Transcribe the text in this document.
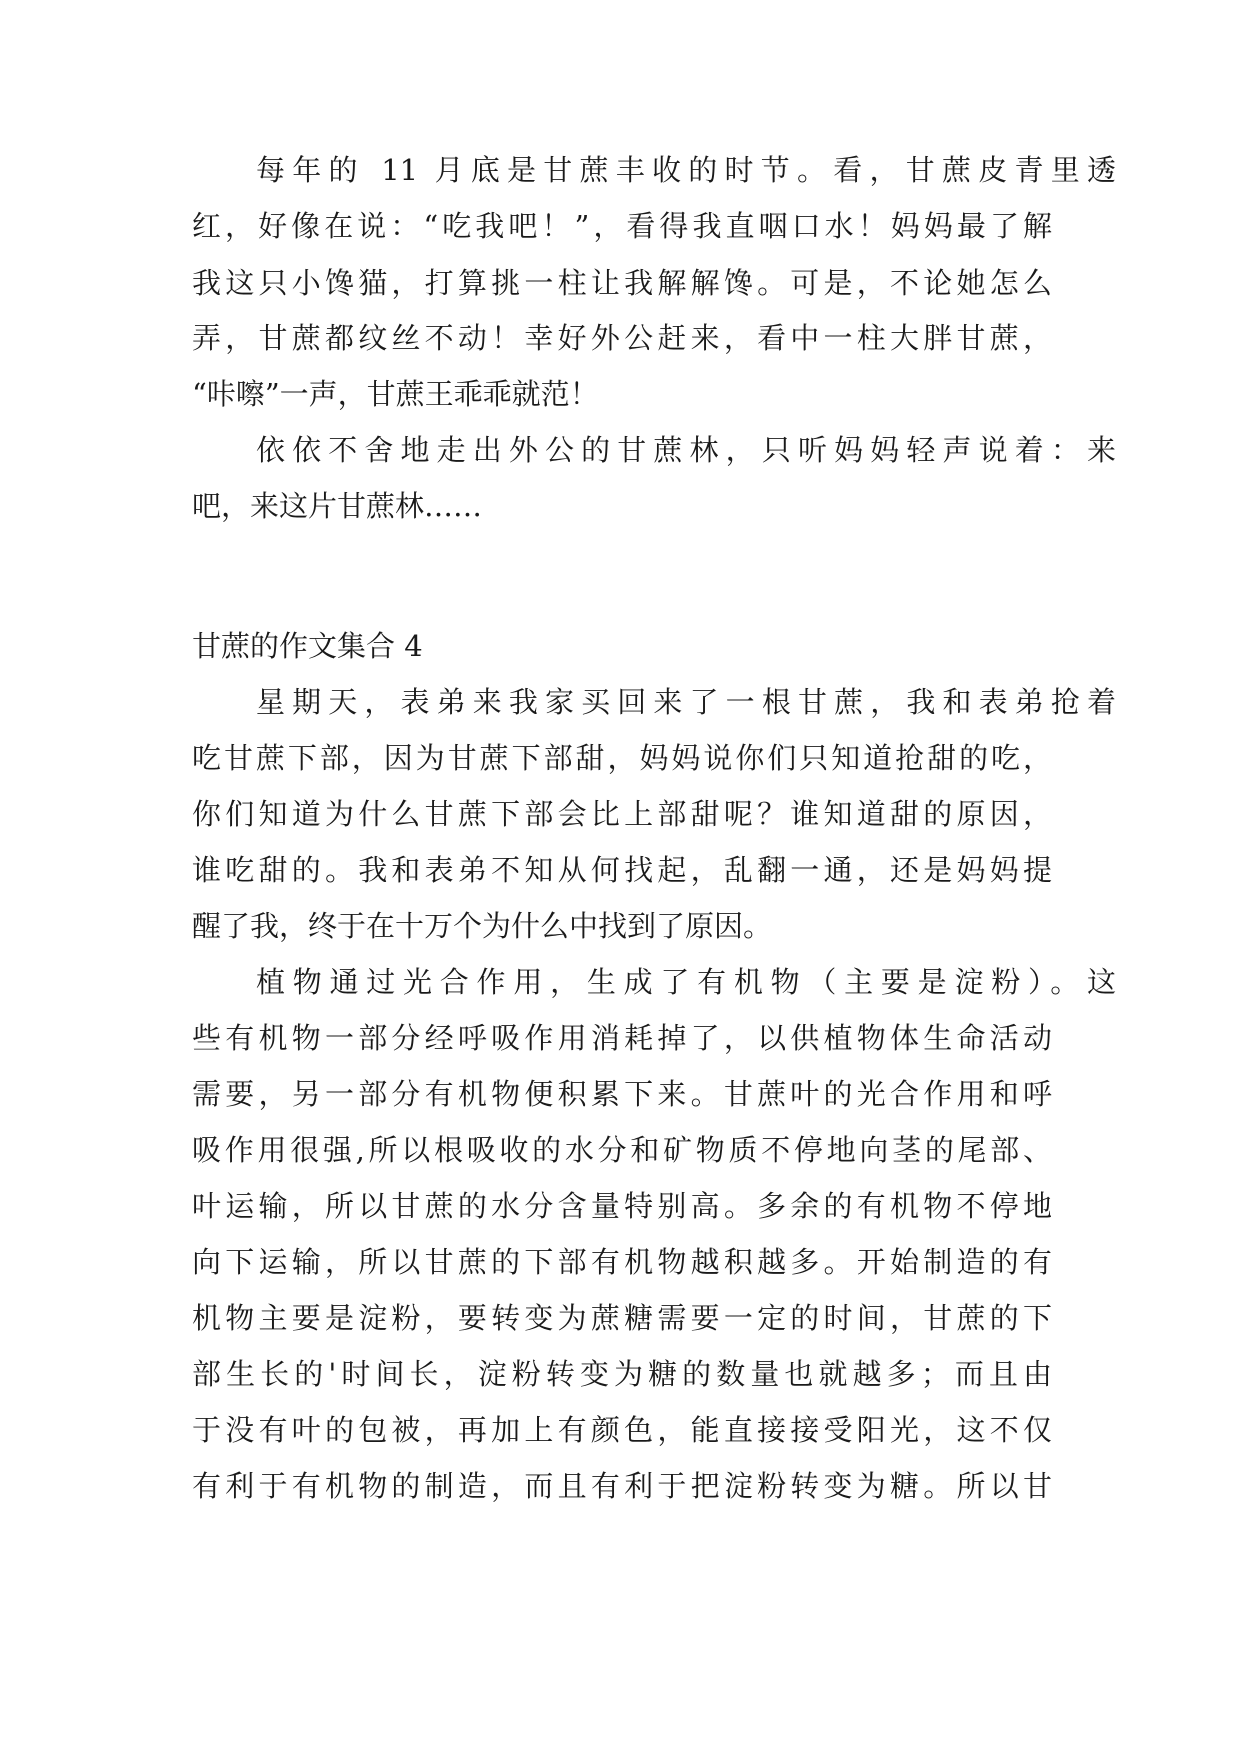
每年的 11 月底是甘蔗丰收的时节。看，甘蔗皮青里透
红，好像在说：“吃我吧！”，看得我直咽口水！妈妈最了解
我这只小馋猫，打算挑一柱让我解解馋。可是，不论她怎么
弄，甘蔗都纹丝不动！幸好外公赶来，看中一柱大胖甘蔗，
“咔嚓”一声，甘蔗王乖乖就范！
依依不舍地走出外公的甘蔗林，只听妈妈轻声说着：来
吧，来这片甘蔗林……
甘蔗的作文集合 4
星期天，表弟来我家买回来了一根甘蔗，我和表弟抢着
吃甘蔗下部，因为甘蔗下部甜，妈妈说你们只知道抢甜的吃，
你们知道为什么甘蔗下部会比上部甜呢？谁知道甜的原因，
谁吃甜的。我和表弟不知从何找起，乱翻一通，还是妈妈提
醒了我，终于在十万个为什么中找到了原因。
植物通过光合作用，生成了有机物（主要是淀粉）。这
些有机物一部分经呼吸作用消耗掉了，以供植物体生命活动
需要，另一部分有机物便积累下来。甘蔗叶的光合作用和呼
吸作用很强,所以根吸收的水分和矿物质不停地向茎的尾部、
叶运输，所以甘蔗的水分含量特别高。多余的有机物不停地
向下运输，所以甘蔗的下部有机物越积越多。开始制造的有
机物主要是淀粉，要转变为蔗糖需要一定的时间，甘蔗的下
部生长的'时间长，淀粉转变为糖的数量也就越多；而且由
于没有叶的包被，再加上有颜色，能直接接受阳光，这不仅
有利于有机物的制造，而且有利于把淀粉转变为糖。所以甘
